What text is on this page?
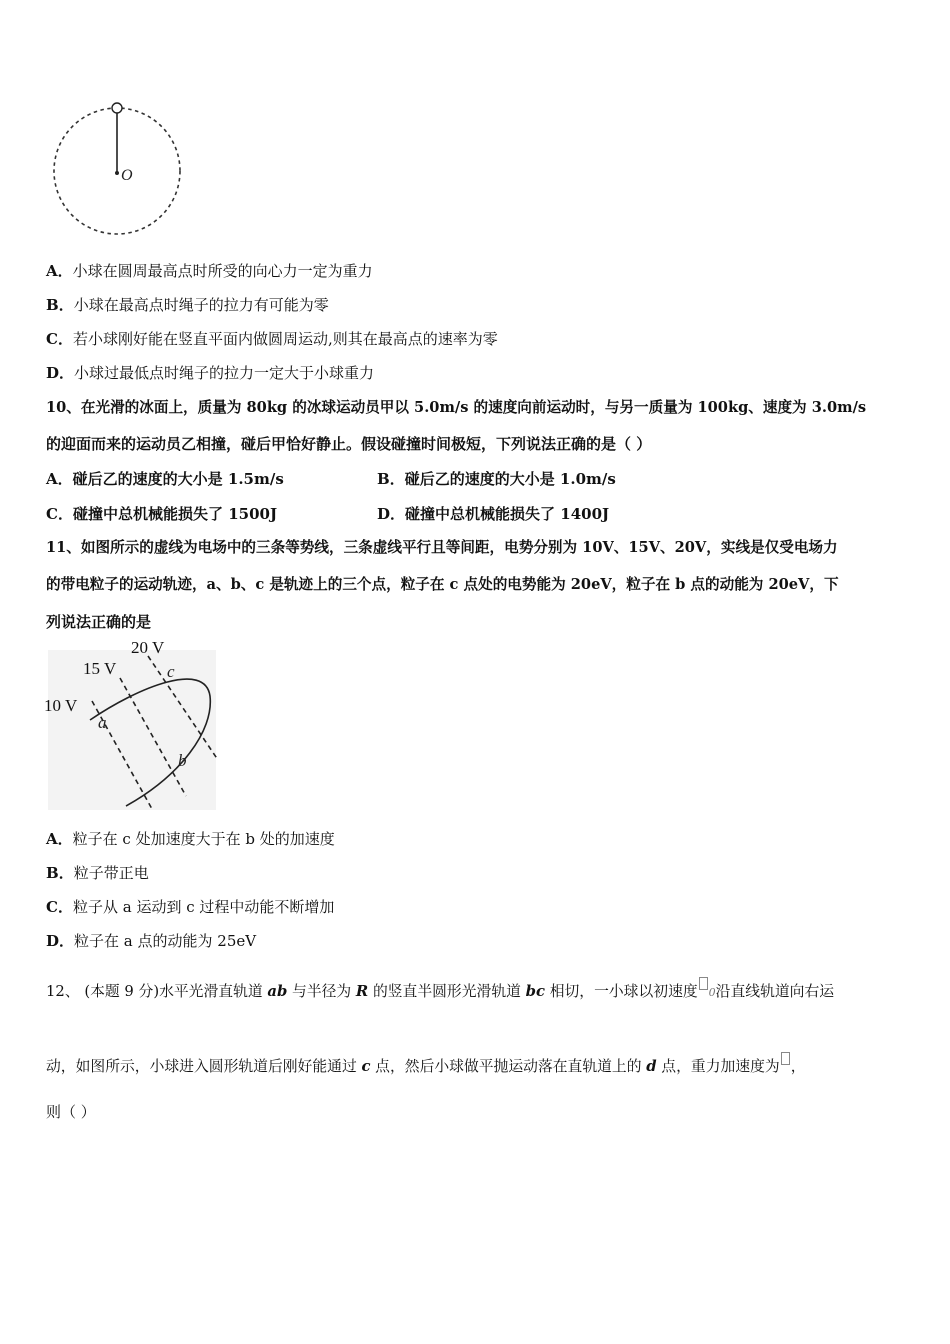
O
A．小球在圆周最高点时所受的向心力一定为重力
B．小球在最高点时绳子的拉力有可能为零
C．若小球刚好能在竖直平面内做圆周运动,则其在最高点的速率为零
D．小球过最低点时绳子的拉力一定大于小球重力
10、在光滑的冰面上，质量为 80kg 的冰球运动员甲以 5.0m/s 的速度向前运动时，与另一质量为 100kg、速度为 3.0m/s
的迎面而来的运动员乙相撞，碰后甲恰好静止。假设碰撞时间极短，下列说法正确的是（ ）
A．碰后乙的速度的大小是 1.5m/s	B．碰后乙的速度的大小是 1.0m/s
C．碰撞中总机械能损失了 1500J	D．碰撞中总机械能损失了 1400J
11、如图所示的虚线为电场中的三条等势线，三条虚线平行且等间距，电势分别为 10V、15V、20V，实线是仅受电场力
的带电粒子的运动轨迹，a、b、c 是轨迹上的三个点，粒子在 c 点处的电势能为 20eV，粒子在 b 点的动能为 20eV，下
列说法正确的是
a
b
c
20 V
15 V
10 V
A．粒子在 c 处加速度大于在 b 处的加速度
B．粒子带正电
C．粒子从 a 运动到 c 过程中动能不断增加
D．粒子在 a 点的动能为 25eV
12、 (本题 9 分)水平光滑直轨道 ab 与半径为 R 的竖直半圆形光滑轨道 bc 相切，一小球以初速度 0沿直线轨道向右运
动，如图所示，小球进入圆形轨道后刚好能通过 c 点，然后小球做平抛运动落在直轨道上的 d 点，重力加速度为 ，
则（ ）
